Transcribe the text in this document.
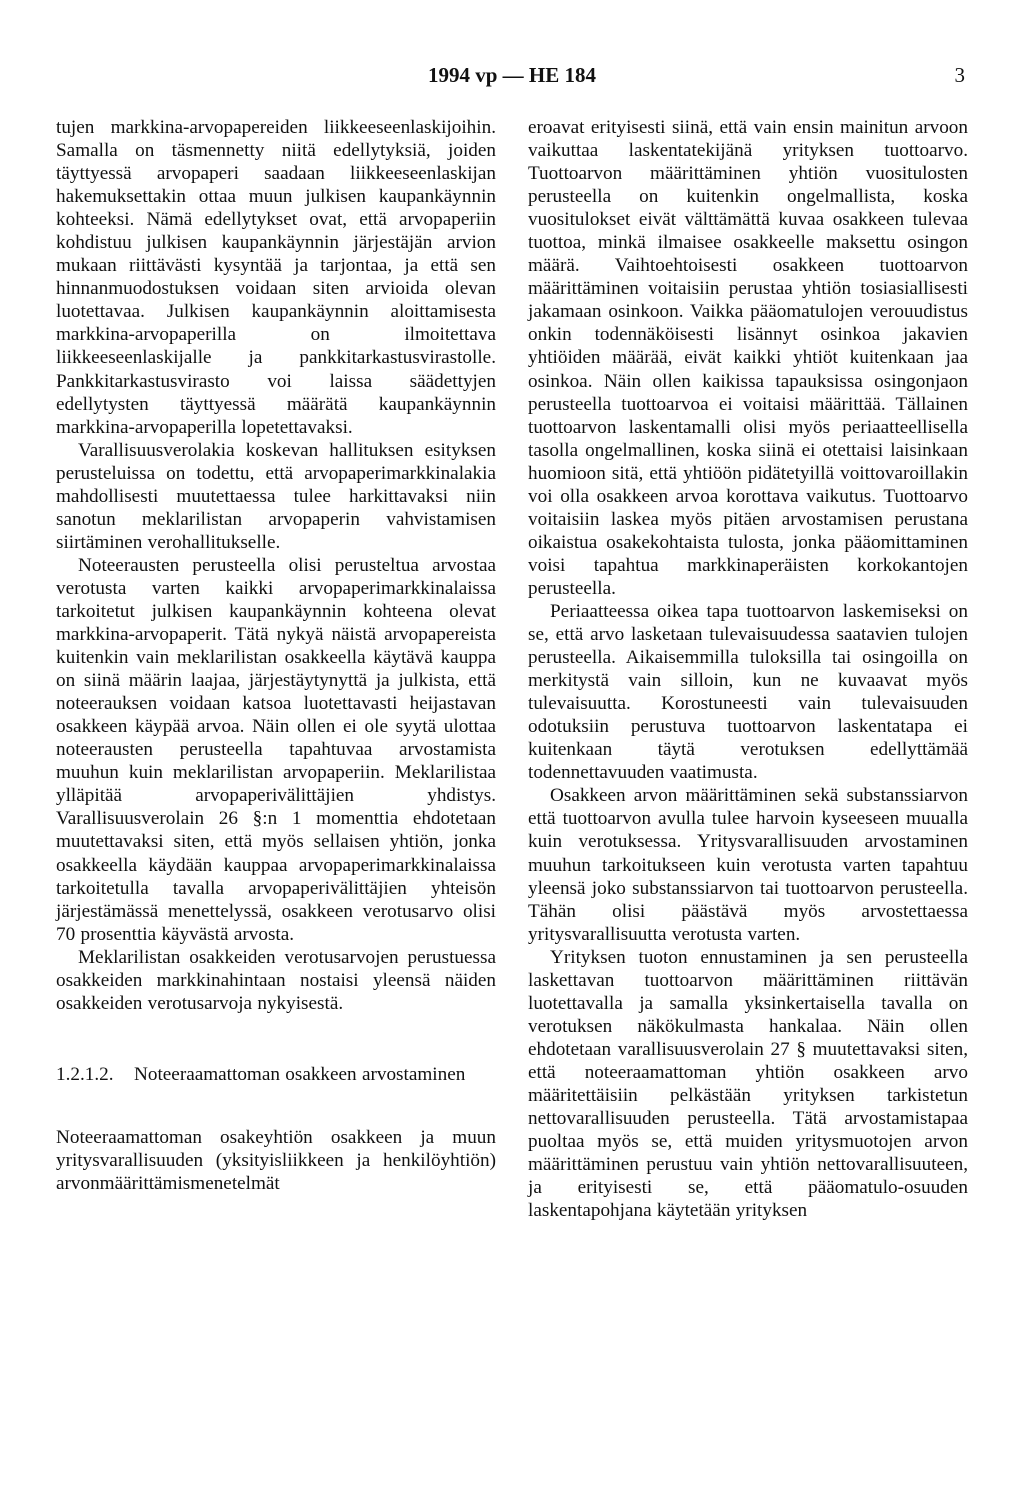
1994 vp — HE 184	3

tujen markkina-arvopapereiden liikkeeseenlaskijoihin. Samalla on täsmennetty niitä edellytyksiä, joiden täyttyessä arvopaperi saadaan liikkeeseenlaskijan hakemuksettakin ottaa muun julkisen kaupankäynnin kohteeksi. Nämä edellytykset ovat, että arvopaperiin kohdistuu julkisen kaupankäynnin järjestäjän arvion mukaan riittävästi kysyntää ja tarjontaa, ja että sen hinnanmuodostuksen voidaan siten arvioida olevan luotettavaa. Julkisen kaupankäynnin aloittamisesta markkina-arvopaperilla on ilmoitettava liikkeeseenlaskijalle ja pankkitarkastusvirastolle. Pankkitarkastusvirasto voi laissa säädettyjen edellytysten täyttyessä määrätä kaupankäynnin markkina-arvopaperilla lopetettavaksi.

Varallisuusverolakia koskevan hallituksen esityksen perusteluissa on todettu, että arvopaperimarkkinalakia mahdollisesti muutettaessa tulee harkittavaksi niin sanotun meklarilistan arvopaperin vahvistamisen siirtäminen verohallitukselle.

Noteerausten perusteella olisi perusteltua arvostaa verotusta varten kaikki arvopaperimarkkinalaissa tarkoitetut julkisen kaupankäynnin kohteena olevat markkina-arvopaperit. Tätä nykyä näistä arvopapereista kuitenkin vain meklarilistan osakkeella käytävä kauppa on siinä määrin laajaa, järjestäytynyttä ja julkista, että noteerauksen voidaan katsoa luotettavasti heijastavan osakkeen käypää arvoa. Näin ollen ei ole syytä ulottaa noteerausten perusteella tapahtuvaa arvostamista muuhun kuin meklarilistan arvopaperiin. Meklarilistaa ylläpitää arvopaperivälittäjien yhdistys. Varallisuusverolain 26 §:n 1 momenttia ehdotetaan muutettavaksi siten, että myös sellaisen yhtiön, jonka osakkeella käydään kauppaa arvopaperimarkkinalaissa tarkoitetulla tavalla arvopaperivälittäjien yhteisön järjestämässä menettelyssä, osakkeen verotusarvo olisi 70 prosenttia käyvästä arvosta.

Meklarilistan osakkeiden verotusarvojen perustuessa osakkeiden markkinahintaan nostaisi yleensä näiden osakkeiden verotusarvoja nykyisestä.

1.2.1.2.	Noteeraamattoman osakkeen arvostaminen

Noteeraamattoman osakeyhtiön osakkeen ja muun yritysvarallisuuden (yksityisliikkeen ja henkilöyhtiön) arvonmäärittämismenetelmät

eroavat erityisesti siinä, että vain ensin mainitun arvoon vaikuttaa laskentatekijänä yrityksen tuottoarvo. Tuottoarvon määrittäminen yhtiön vuositulosten perusteella on kuitenkin ongelmallista, koska vuositulokset eivät välttämättä kuvaa osakkeen tulevaa tuottoa, minkä ilmaisee osakkeelle maksettu osingon määrä. Vaihtoehtoisesti osakkeen tuottoarvon määrittäminen voitaisiin perustaa yhtiön tosiasiallisesti jakamaan osinkoon. Vaikka pääomatulojen verouudistus onkin todennäköisesti lisännyt osinkoa jakavien yhtiöiden määrää, eivät kaikki yhtiöt kuitenkaan jaa osinkoa. Näin ollen kaikissa tapauksissa osingonjaon perusteella tuottoarvoa ei voitaisi määrittää. Tällainen tuottoarvon laskentamalli olisi myös periaatteellisella tasolla ongelmallinen, koska siinä ei otettaisi laisinkaan huomioon sitä, että yhtiöön pidätetyillä voittovaroillakin voi olla osakkeen arvoa korottava vaikutus. Tuottoarvo voitaisiin laskea myös pitäen arvostamisen perustana oikaistua osakekohtaista tulosta, jonka pääomittaminen voisi tapahtua markkinaperäisten korkokantojen perusteella.

Periaatteessa oikea tapa tuottoarvon laskemiseksi on se, että arvo lasketaan tulevaisuudessa saatavien tulojen perusteella. Aikaisemmilla tuloksilla tai osingoilla on merkitystä vain silloin, kun ne kuvaavat myös tulevaisuutta. Korostuneesti vain tulevaisuuden odotuksiin perustuva tuottoarvon laskentatapa ei kuitenkaan täytä verotuksen edellyttämää todennettavuuden vaatimusta.

Osakkeen arvon määrittäminen sekä substanssiarvon että tuottoarvon avulla tulee harvoin kyseeseen muualla kuin verotuksessa. Yritysvarallisuuden arvostaminen muuhun tarkoitukseen kuin verotusta varten tapahtuu yleensä joko substanssiarvon tai tuottoarvon perusteella. Tähän olisi päästävä myös arvostettaessa yritysvarallisuutta verotusta varten.

Yrityksen tuoton ennustaminen ja sen perusteella laskettavan tuottoarvon määrittäminen riittävän luotettavalla ja samalla yksinkertaisella tavalla on verotuksen näkökulmasta hankalaa. Näin ollen ehdotetaan varallisuusverolain 27 § muutettavaksi siten, että noteeraamattoman yhtiön osakkeen arvo määritettäisiin pelkästään yrityksen tarkistetun nettovarallisuuden perusteella. Tätä arvostamistapaa puoltaa myös se, että muiden yritysmuotojen arvon määrittäminen perustuu vain yhtiön nettovarallisuuteen, ja erityisesti se, että pääomatulo-osuuden laskentapohjana käytetään yrityksen
